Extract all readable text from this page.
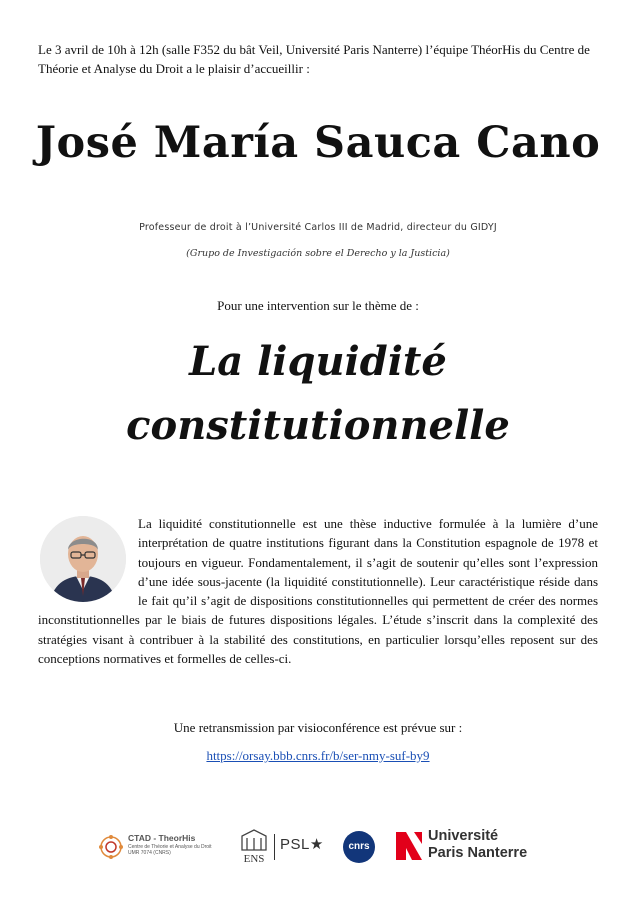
Le 3 avril de 10h à 12h (salle F352 du bât Veil, Université Paris Nanterre) l’équipe ThéorHis du Centre de Théorie et Analyse du Droit a le plaisir d’accueillir :
José María Sauca Cano
Professeur de droit à l’Université Carlos III de Madrid, directeur du GIDYJ
(Grupo de Investigación sobre el Derecho y la Justicia)
Pour une intervention sur le thème de :
La liquidité
constitutionnelle
La liquidité constitutionnelle est une thèse inductive formulée à la lumière d’une interprétation de quatre institutions figurant dans la Constitution espagnole de 1978 et toujours en vigueur. Fondamentalement, il s’agit de soutenir qu’elles sont l’expression d’une idée sous-jacente (la liquidité constitutionnelle). Leur caractéristique réside dans le fait qu’il s’agit de dispositions constitutionnelles qui permettent de créer des normes inconstitutionnelles par le biais de futures dispositions légales. L’étude s’inscrit dans la complexité des stratégies visant à contribuer à la stabilité des constitutions, en particulier lorsqu’elles reposent sur des conceptions normatives et formelles de celles-ci.
Une retransmission par visioconférence est prévue sur :
https://orsay.bbb.cnrs.fr/b/ser-nmy-suf-by9
CTAD - TheorHis
Centre de Théorie et Analyse du Droit UMR 7074 (CNRS)	ENS
PSL★	cnrs
Université
Paris Nanterre
